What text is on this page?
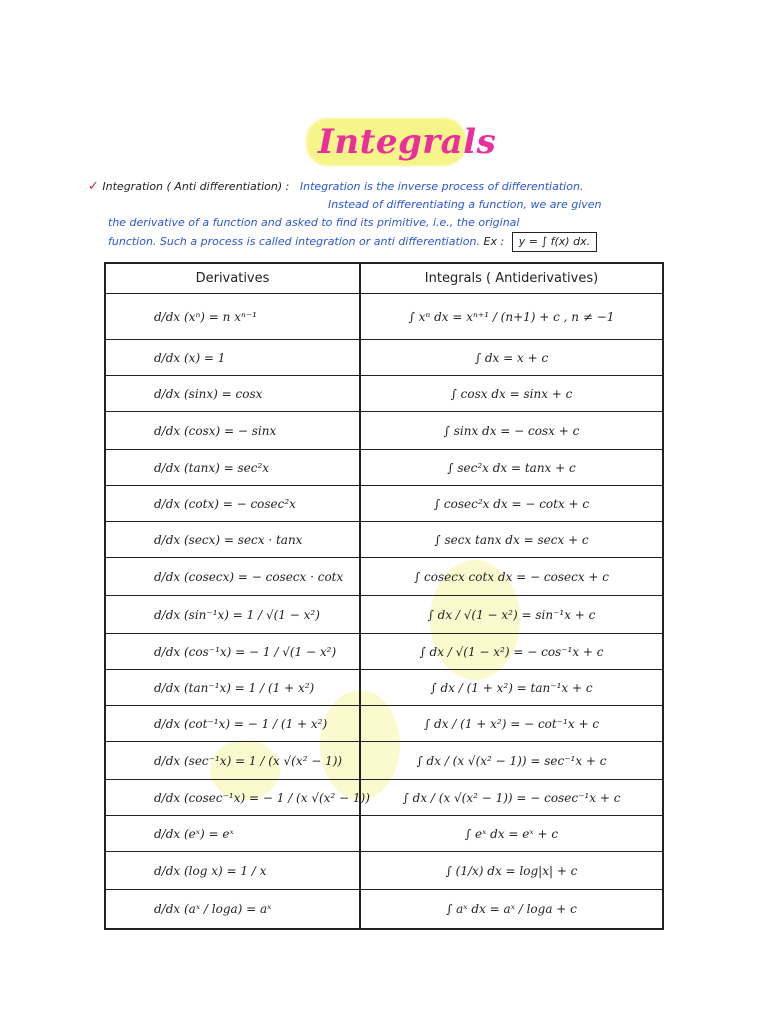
Integrals
✓ Integration ( Anti differentiation) : Integration is the inverse process of differentiation.
Instead of differentiating a function, we are given
the derivative of a function and asked to find its primitive, i.e., the original
function. Such a process is called integration or anti differentiation. Ex : y = ∫ f(x) dx.
Derivatives	Integrals ( Antiderivatives)
d/dx (xⁿ) = n xⁿ⁻¹	∫ xⁿ dx = xⁿ⁺¹ / (n+1) + c , n ≠ −1
d/dx (x) = 1	∫ dx = x + c
d/dx (sinx) = cosx	∫ cosx dx = sinx + c
d/dx (cosx) = − sinx	∫ sinx dx = − cosx + c
d/dx (tanx) = sec²x	∫ sec²x dx = tanx + c
d/dx (cotx) = − cosec²x	∫ cosec²x dx = − cotx + c
d/dx (secx) = secx · tanx	∫ secx tanx dx = secx + c
d/dx (cosecx) = − cosecx · cotx	∫ cosecx cotx dx = − cosecx + c
d/dx (sin⁻¹x) = 1 / √(1 − x²)	∫ dx / √(1 − x²) = sin⁻¹x + c
d/dx (cos⁻¹x) = − 1 / √(1 − x²)	∫ dx / √(1 − x²) = − cos⁻¹x + c
d/dx (tan⁻¹x) = 1 / (1 + x²)	∫ dx / (1 + x²) = tan⁻¹x + c
d/dx (cot⁻¹x) = − 1 / (1 + x²)	∫ dx / (1 + x²) = − cot⁻¹x + c
d/dx (sec⁻¹x) = 1 / (x √(x² − 1))	∫ dx / (x √(x² − 1)) = sec⁻¹x + c
d/dx (cosec⁻¹x) = − 1 / (x √(x² − 1))	∫ dx / (x √(x² − 1)) = − cosec⁻¹x + c
d/dx (eˣ) = eˣ	∫ eˣ dx = eˣ + c
d/dx (log x) = 1 / x	∫ (1/x) dx = log|x| + c
d/dx (aˣ / loga) = aˣ	∫ aˣ dx = aˣ / loga + c
